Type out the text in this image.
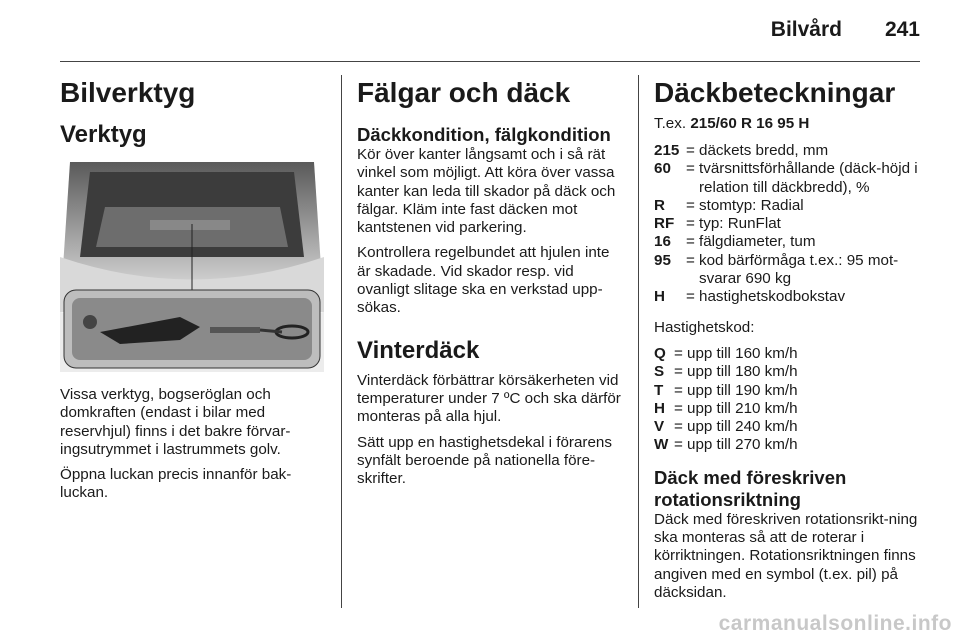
Bilvård 241
Bilverktyg
Verktyg

Vissa verktyg, bogseröglan och domkraften (endast i bilar med reservhjul) finns i det bakre förvar-ingsutrymmet i lastrummets golv.

Öppna luckan precis innanför bak-luckan.

Fälgar och däck
Däckkondition, fälgkondition

Kör över kanter långsamt och i så rät vinkel som möjligt. Att köra över vassa kanter kan leda till skador på däck och fälgar. Kläm inte fast däcken mot kantstenen vid parkering.

Kontrollera regelbundet att hjulen inte är skadade. Vid skador resp. vid ovanligt slitage ska en verkstad upp-sökas.

Vinterdäck

Vinterdäck förbättrar körsäkerheten vid temperaturer under 7 ºC och ska därför monteras på alla hjul.

Sätt upp en hastighetsdekal i förarens synfält beroende på nationella före-skrifter.

Däckbeteckningar
T.ex. 215/60 R 16 95 H
215 = däckets bredd, mm
60 = tvärsnittsförhållande (däck-höjd i relation till däckbredd), %
R	= stomtyp: Radial
RF = typ: RunFlat
16 = fälgdiameter, tum
95 = kod bärförmåga t.ex.: 95 mot-svarar 690 kg
H	= hastighetskodbokstav

Hastighetskod:

Q = upp till 160 km/h
S = upp till 180 km/h
T = upp till 190 km/h
H = upp till 210 km/h
V = upp till 240 km/h
W = upp till 270 km/h
Däck med föreskriven rotationsriktning

Däck med föreskriven rotationsrikt-ning ska monteras så att de roterar i körriktningen. Rotationsriktningen finns angiven med en symbol (t.ex. pil) på däcksidan.

carmanualsonline.info
